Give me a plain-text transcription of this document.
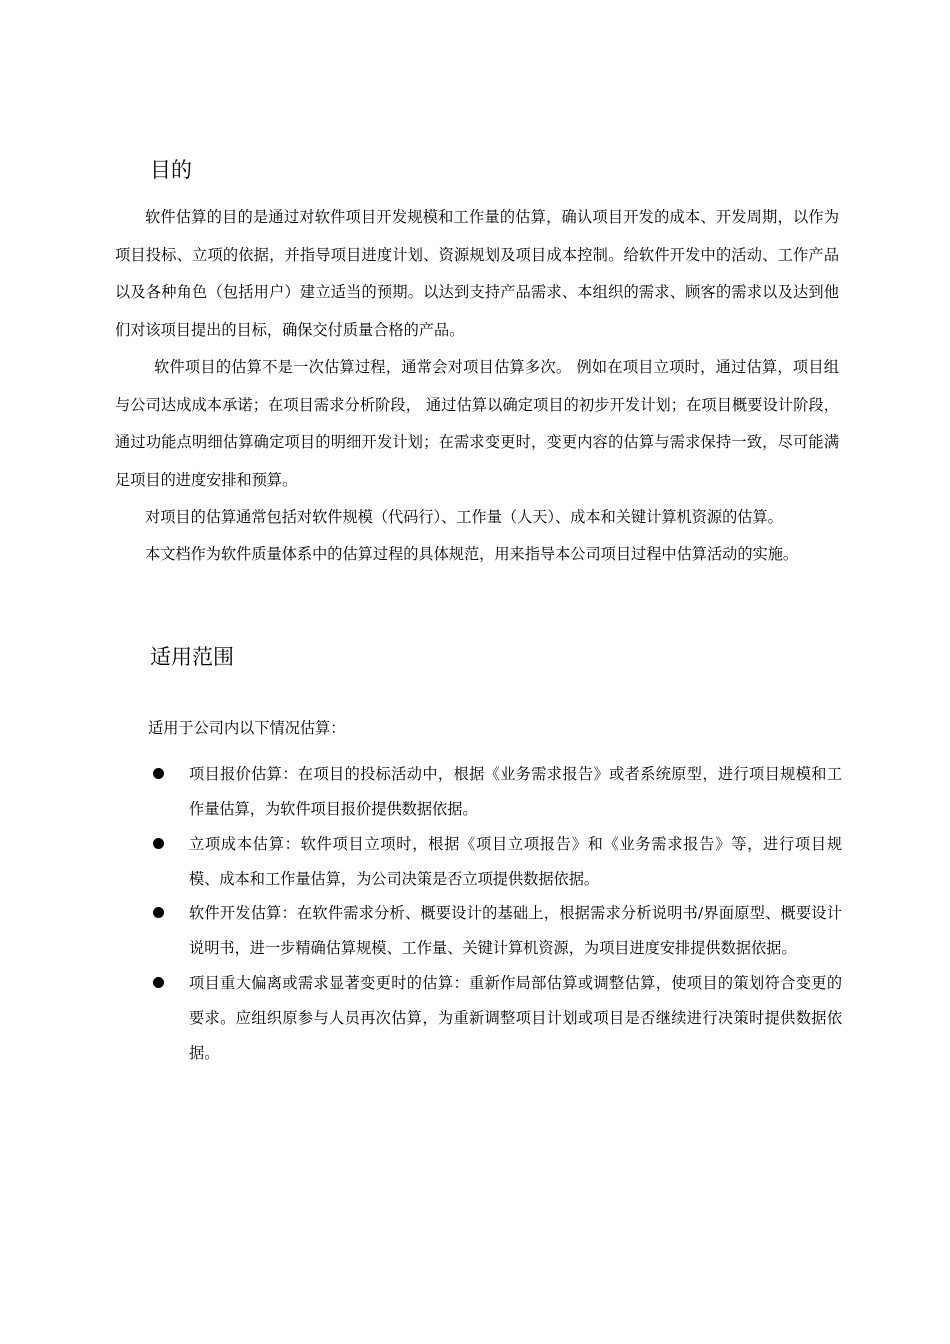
目的

软件估算的目的是通过对软件项目开发规模和工作量的估算，确认项目开发的成本、开发周期，以作为项目投标、立项的依据，并指导项目进度计划、资源规划及项目成本控制。给软件开发中的活动、工作产品以及各种角色（包括用户）建立适当的预期。以达到支持产品需求、本组织的需求、顾客的需求以及达到他们对该项目提出的目标，确保交付质量合格的产品。

软件项目的估算不是一次估算过程，通常会对项目估算多次。 例如在项目立项时，通过估算，项目组与公司达成成本承诺；在项目需求分析阶段， 通过估算以确定项目的初步开发计划；在项目概要设计阶段，通过功能点明细估算确定项目的明细开发计划；在需求变更时，变更内容的估算与需求保持一致，尽可能满足项目的进度安排和预算。

对项目的估算通常包括对软件规模（代码行）、工作量（人天）、成本和关键计算机资源的估算。

本文档作为软件质量体系中的估算过程的具体规范，用来指导本公司项目过程中估算活动的实施。

适用范围

适用于公司内以下情况估算：

项目报价估算：在项目的投标活动中，根据《业务需求报告》或者系统原型，进行项目规模和工作量估算，为软件项目报价提供数据依据。
立项成本估算：软件项目立项时，根据《项目立项报告》和《业务需求报告》等，进行项目规模、成本和工作量估算，为公司决策是否立项提供数据依据。
软件开发估算：在软件需求分析、概要设计的基础上，根据需求分析说明书/界面原型、概要设计说明书，进一步精确估算规模、工作量、关键计算机资源，为项目进度安排提供数据依据。
项目重大偏离或需求显著变更时的估算：重新作局部估算或调整估算，使项目的策划符合变更的要求。应组织原参与人员再次估算，为重新调整项目计划或项目是否继续进行决策时提供数据依据。
